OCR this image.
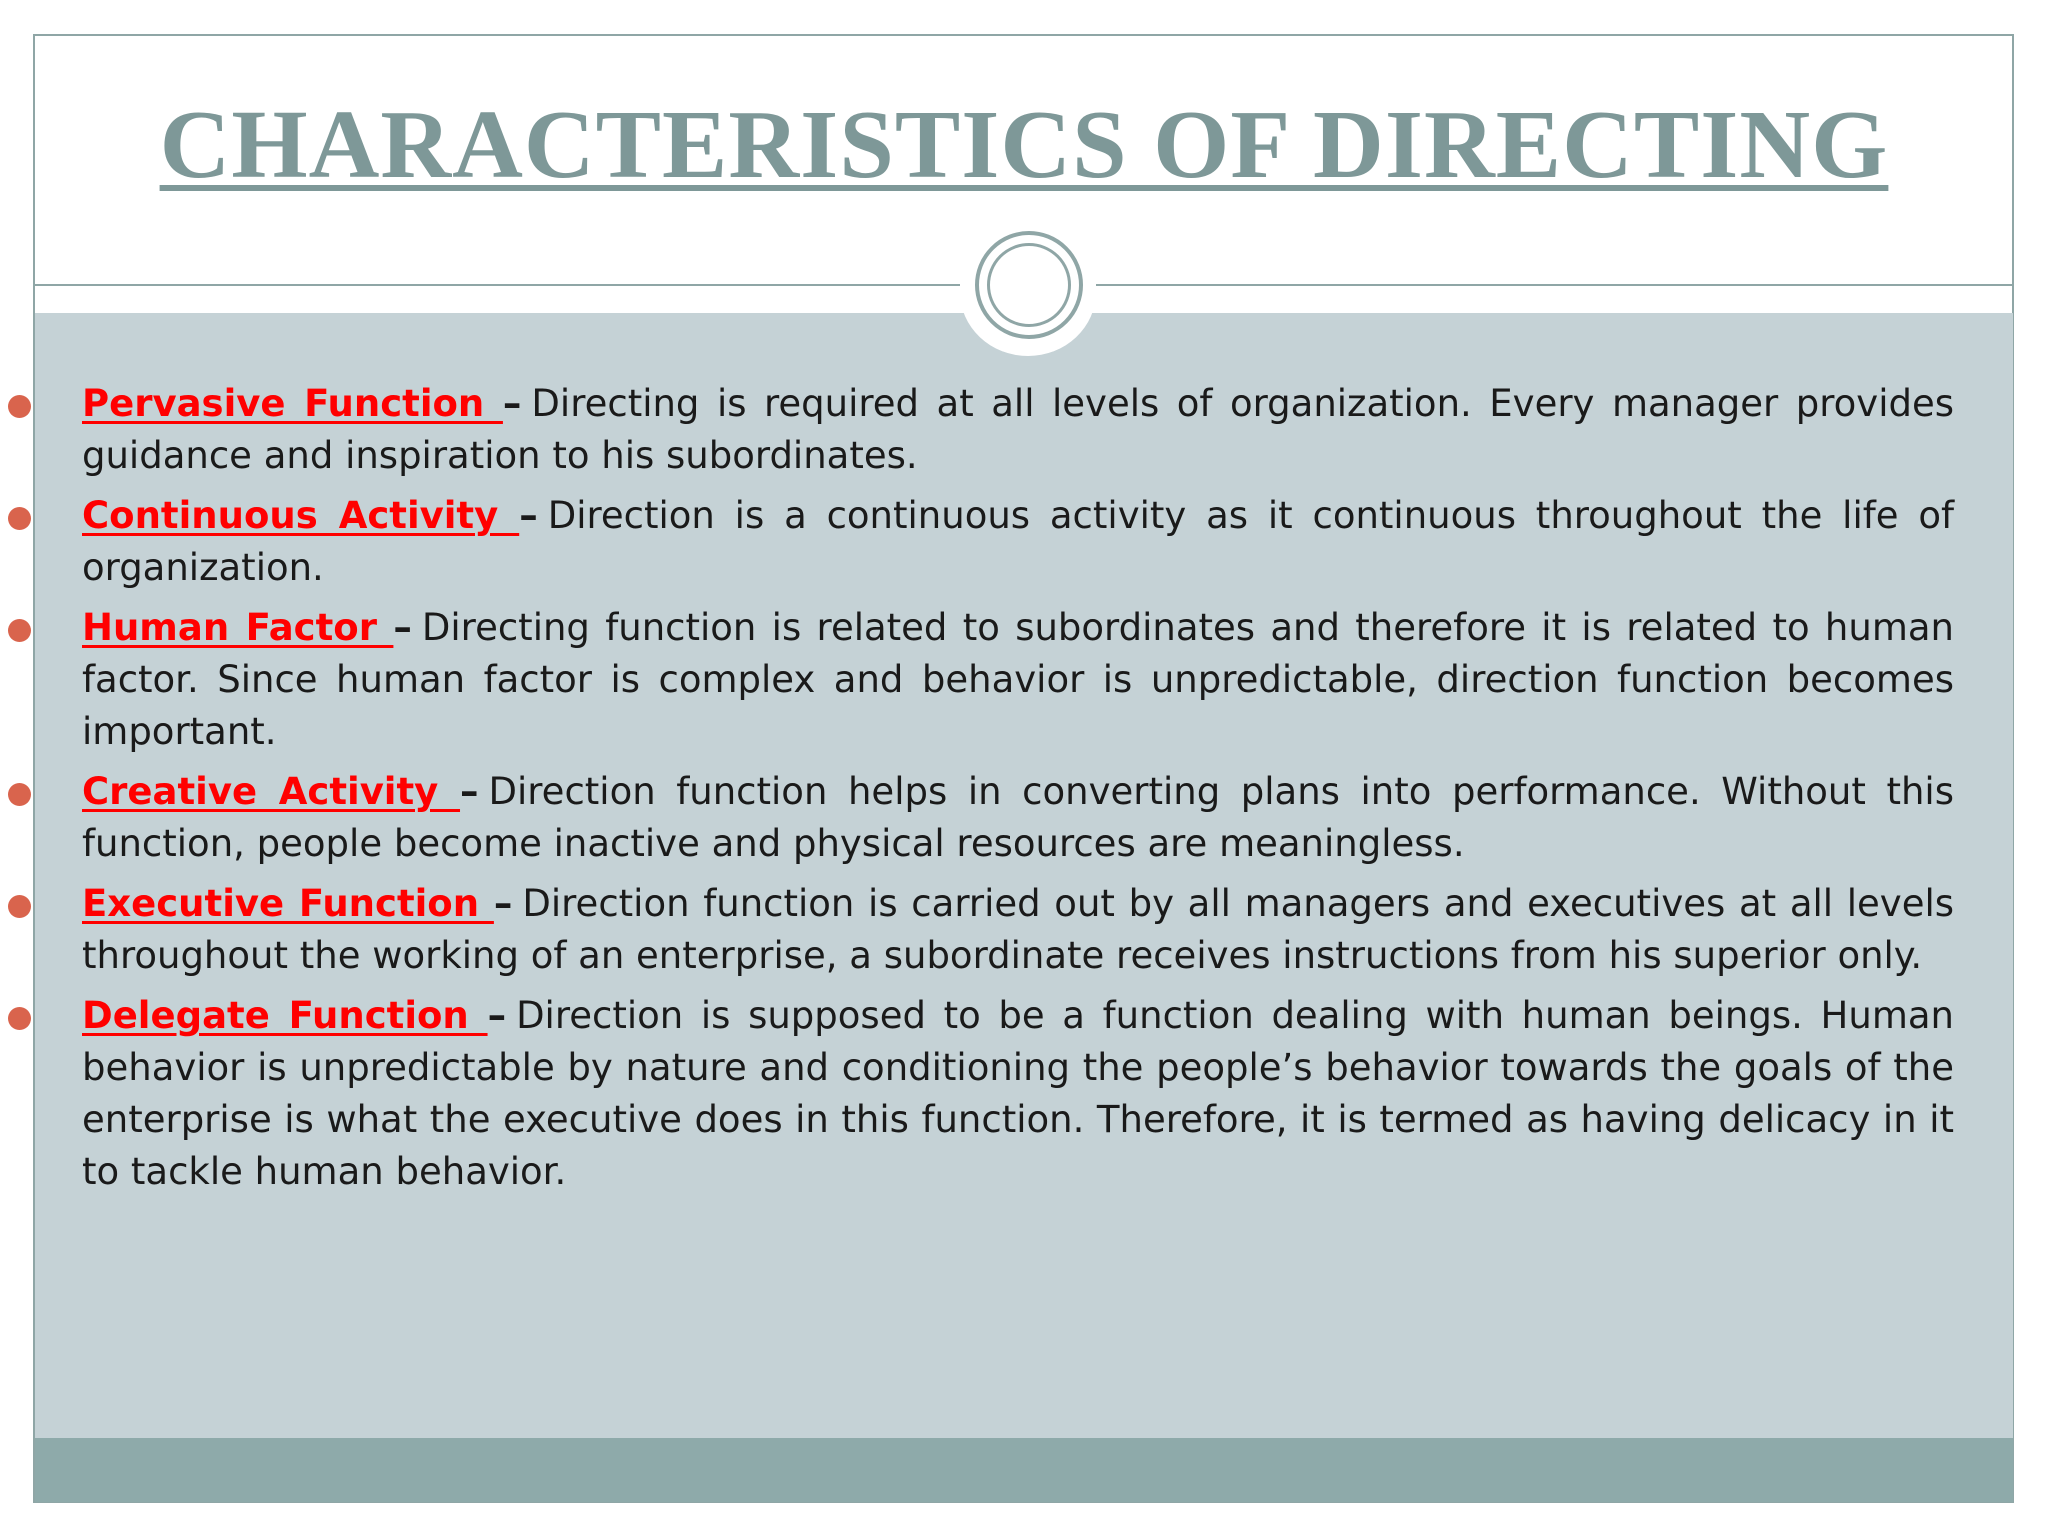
CHARACTERISTICS OF DIRECTING
Pervasive Function – Directing is required at all levels of organization. Every manager provides guidance and inspiration to his subordinates.
Continuous Activity – Direction is a continuous activity as it continuous throughout the life of organization.
Human Factor – Directing function is related to subordinates and therefore it is related to human factor. Since human factor is complex and behavior is unpredictable, direction function becomes important.
Creative Activity – Direction function helps in converting plans into performance. Without this function, people become inactive and physical resources are meaningless.
Executive Function – Direction function is carried out by all managers and executives at all levels throughout the working of an enterprise, a subordinate receives instructions from his superior only.
Delegate Function – Direction is supposed to be a function dealing with human beings. Human behavior is unpredictable by nature and conditioning the people’s behavior towards the goals of the enterprise is what the executive does in this function. Therefore, it is termed as having delicacy in it to tackle human behavior.
